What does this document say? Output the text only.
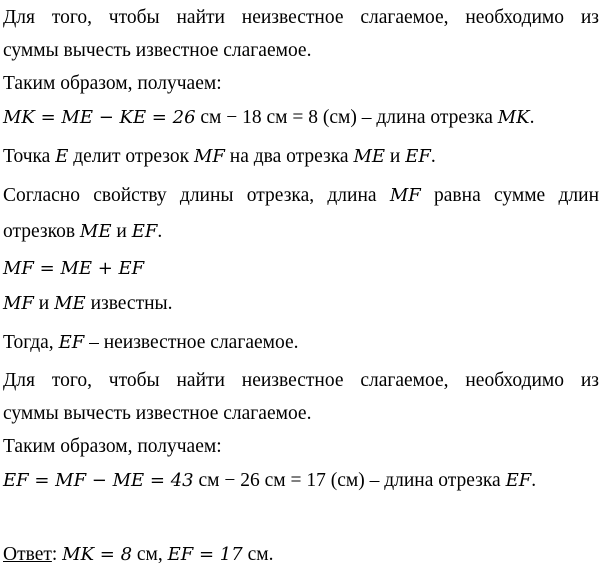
Для того, чтобы найти неизвестное слагаемое, необходимо из
суммы вычесть известное слагаемое.
Таким образом, получаем:
MK = ME − KE = 26 см − 18 см = 8 (см) – длина отрезка MK.
Точка E делит отрезок MF на два отрезка ME и EF.
Согласно свойству длины отрезка, длина MF равна сумме длин
отрезков ME и EF.
MF = ME + EF
MF и ME известны.
Тогда, EF – неизвестное слагаемое.
Для того, чтобы найти неизвестное слагаемое, необходимо из
суммы вычесть известное слагаемое.
Таким образом, получаем:
EF = MF − ME = 43 см − 26 см = 17 (см) – длина отрезка EF.
Ответ: MK = 8 см, EF = 17 см.
